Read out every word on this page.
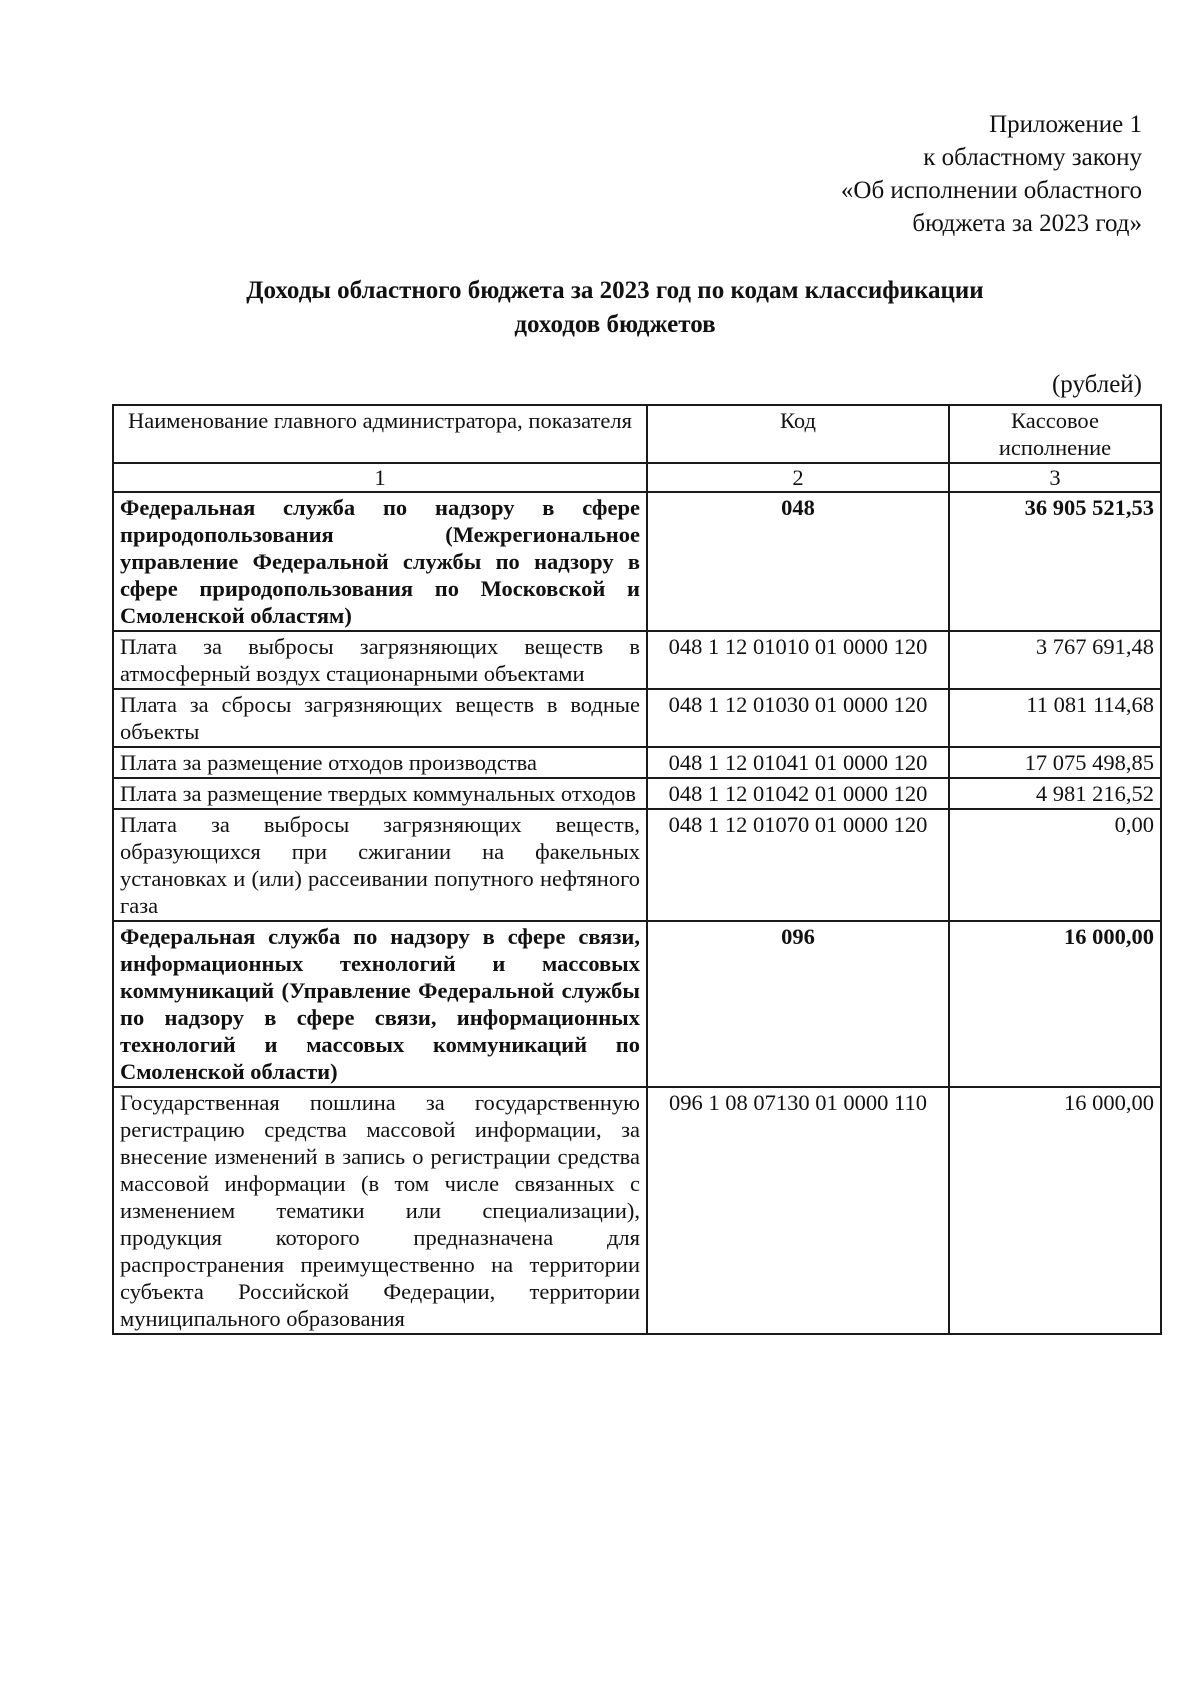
Приложение 1
к областному закону
«Об исполнении областного
бюджета за 2023 год»
Доходы областного бюджета за 2023 год по кодам классификации
доходов бюджетов
(рублей)
Наименование главного администратора, показателя	Код	Кассовое исполнение
1	2	3
Федеральная служба по надзору в сфере природопользования (Межрегиональное управление Федеральной службы по надзору в сфере природопользования по Московской и Смоленской областям)	048	36 905 521,53
Плата за выбросы загрязняющих веществ в атмосферный воздух стационарными объектами	048 1 12 01010 01 0000 120	3 767 691,48
Плата за сбросы загрязняющих веществ в водные объекты	048 1 12 01030 01 0000 120	11 081 114,68
Плата за размещение отходов производства	048 1 12 01041 01 0000 120	17 075 498,85
Плата за размещение твердых коммунальных отходов	048 1 12 01042 01 0000 120	4 981 216,52
Плата за выбросы загрязняющих веществ, образующихся при сжигании на факельных установках и (или) рассеивании попутного нефтяного газа	048 1 12 01070 01 0000 120	0,00
Федеральная служба по надзору в сфере связи, информационных технологий и массовых коммуникаций (Управление Федеральной службы по надзору в сфере связи, информационных технологий и массовых коммуникаций по Смоленской области)	096	16 000,00
Государственная пошлина за государственную регистрацию средства массовой информации, за внесение изменений в запись о регистрации средства массовой информации (в том числе связанных с изменением тематики или специализации), продукция которого предназначена для распространения преимущественно на территории субъекта Российской Федерации, территории муниципального образования	096 1 08 07130 01 0000 110	16 000,00
